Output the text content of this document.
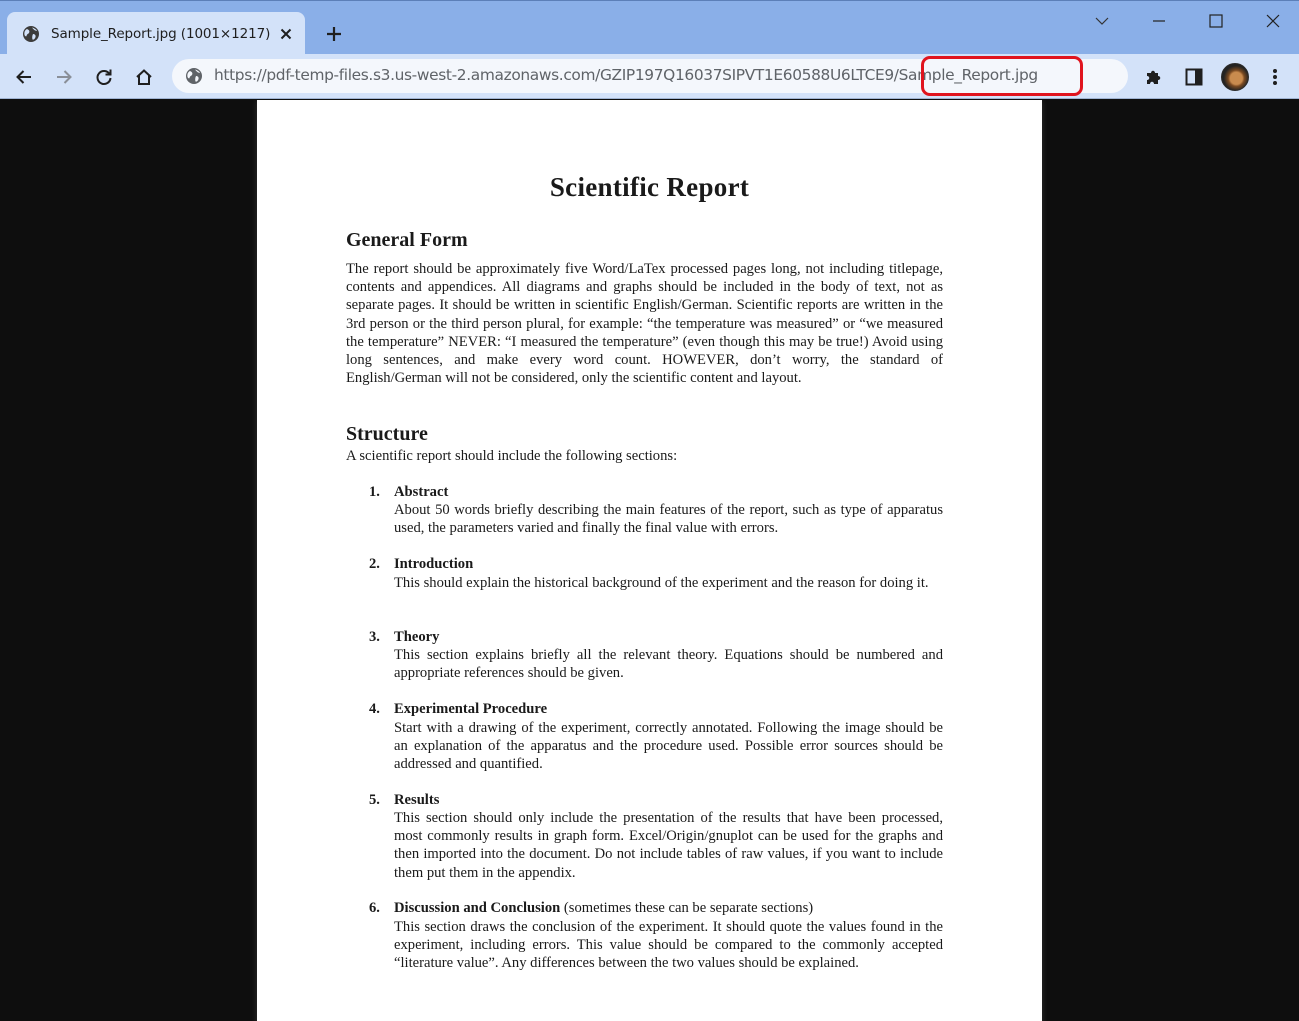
Sample_Report.jpg (1001×1217)
https://pdf-temp-files.s3.us-west-2.amazonaws.com/GZIP197Q16037SIPVT1E60588U6LTCE9/Sample_Report.jpg
Scientific Report
General Form
The report should be approximately five Word/LaTex processed pages long, not including titlepage, contents and appendices. All diagrams and graphs should be included in the body of text, not as separate pages. It should be written in scientific English/German. Scientific reports are written in the 3rd person or the third person plural, for example: “the temperature was measured” or “we measured the temperature” NEVER: “I measured the temperature” (even though this may be true!) Avoid using long sentences, and make every word count. HOWEVER, don’t worry, the standard of English/German will not be considered, only the scientific content and layout.
Structure
A scientific report should include the following sections:
1. Abstract
About 50 words briefly describing the main features of the report, such as type of apparatus used, the parameters varied and finally the final value with errors.
2. Introduction
This should explain the historical background of the experiment and the reason for doing it.
3. Theory
This section explains briefly all the relevant theory. Equations should be numbered and appropriate references should be given.
4. Experimental Procedure
Start with a drawing of the experiment, correctly annotated. Following the image should be an explanation of the apparatus and the procedure used. Possible error sources should be addressed and quantified.
5. Results
This section should only include the presentation of the results that have been processed, most commonly results in graph form. Excel/Origin/gnuplot can be used for the graphs and then imported into the document. Do not include tables of raw values, if you want to include them put them in the appendix.
6. Discussion and Conclusion (sometimes these can be separate sections)
This section draws the conclusion of the experiment. It should quote the values found in the experiment, including errors. This value should be compared to the commonly accepted “literature value”. Any differences between the two values should be explained.
